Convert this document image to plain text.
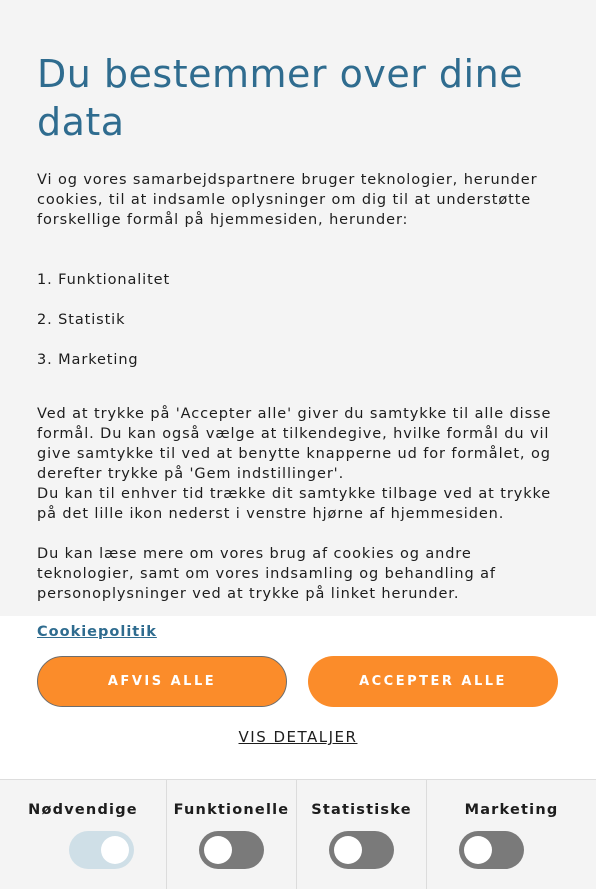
Du bestemmer over dine data

Vi og vores samarbejdspartnere bruger teknologier, herunder cookies, til at indsamle oplysninger om dig til at understøtte forskellige formål på hjemmesiden, herunder:

1. Funktionalitet

2. Statistik

3. Marketing

Ved at trykke på 'Accepter alle' giver du samtykke til alle disse formål. Du kan også vælge at tilkendegive, hvilke formål du vil give samtykke til ved at benytte knapperne ud for formålet, og derefter trykke på 'Gem indstillinger'.
Du kan til enhver tid trække dit samtykke tilbage ved at trykke på det lille ikon nederst i venstre hjørne af hjemmesiden.

Du kan læse mere om vores brug af cookies og andre teknologier, samt om vores indsamling og behandling af personoplysninger ved at trykke på linket herunder.

Cookiepolitik
AFVIS ALLE	ACCEPTER ALLE
VIS DETALJER
Nødvendige	Funktionelle	Statistiske	Marketing
